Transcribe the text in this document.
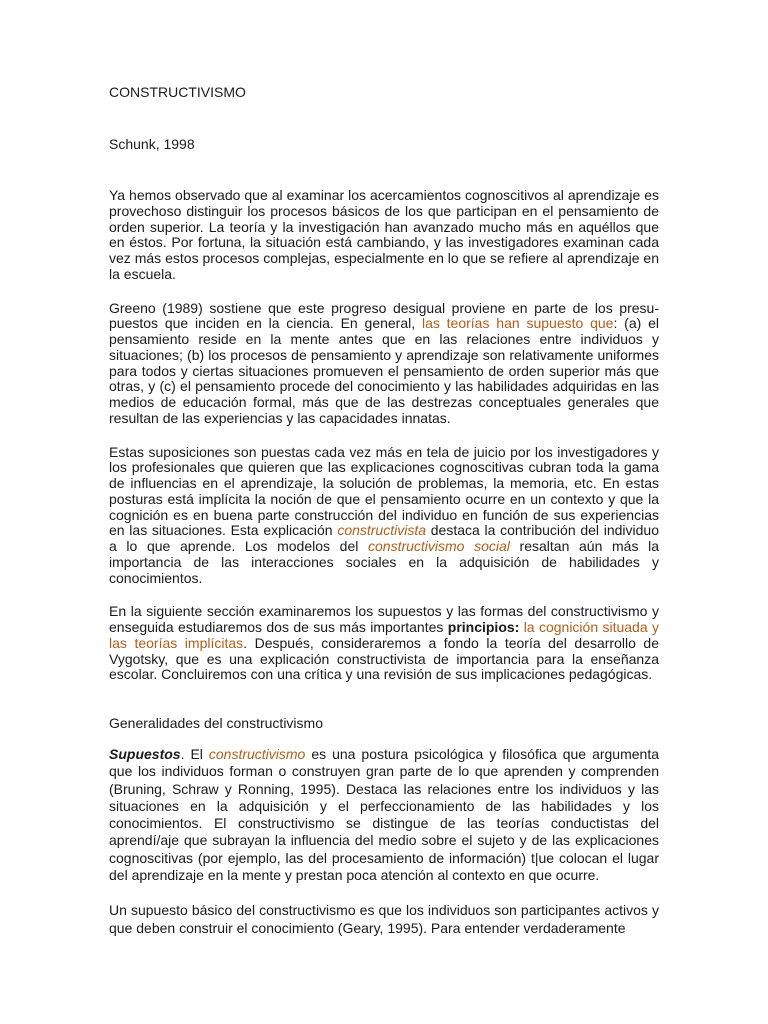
CONSTRUCTIVISMO

Schunk, 1998

Ya hemos observado que al examinar los acercamientos cognoscitivos al aprendizaje es provechoso distinguir los procesos básicos de los que participan en el pensamiento de orden superior. La teoría y la investigación han avanzado mucho más en aquéllos que en éstos. Por fortuna, la situación está cambiando, y las investigadores examinan cada vez más estos procesos complejas, especialmente en lo que se refiere al aprendizaje en la escuela.

Greeno (1989) sostiene que este progreso desigual proviene en parte de los presu-puestos que inciden en la ciencia. En general, las teorías han supuesto que: (a) el pensamiento reside en la mente antes que en las relaciones entre individuos y situaciones; (b) los procesos de pensamiento y aprendizaje son relativamente uniformes para todos y ciertas situaciones promueven el pensamiento de orden superior más que otras, y (c) el pensamiento procede del conocimiento y las habilidades adquiridas en las medios de educación formal, más que de las destrezas conceptuales generales que resultan de las experiencias y las capacidades innatas.

Estas suposiciones son puestas cada vez más en tela de juicio por los investigadores y los profesionales que quieren que las explicaciones cognoscitivas cubran toda la gama de influencias en el aprendizaje, la solución de problemas, la memoria, etc. En estas posturas está implícita la noción de que el pensamiento ocurre en un contexto y que la cognición es en buena parte construcción del individuo en función de sus experiencias en las situaciones. Esta explicación constructivista destaca la contribución del individuo a lo que aprende. Los modelos del constructivismo social resaltan aún más la importancia de las interacciones sociales en la adquisición de habilidades y conocimientos.

En la siguiente sección examinaremos los supuestos y las formas del constructivismo y enseguida estudiaremos dos de sus más importantes principios: la cognición situada y las teorías implícitas. Después, consideraremos a fondo la teoría del desarrollo de Vygotsky, que es una explicación constructivista de importancia para la enseñanza escolar. Concluiremos con una crítica y una revisión de sus implicaciones pedagógicas.

Generalidades del constructivismo

Supuestos. El constructivismo es una postura psicológica y filosófica que argumenta que los individuos forman o construyen gran parte de lo que aprenden y comprenden (Bruning, Schraw y Ronning, 1995). Destaca las relaciones entre los individuos y las situaciones en la adquisición y el perfeccionamiento de las habilidades y los conocimientos. El constructivismo se distingue de las teorías conductistas del aprendí/aje que subrayan la influencia del medio sobre el sujeto y de las explicaciones cognoscitivas (por ejemplo, las del procesamiento de información) t|ue colocan el lugar del aprendizaje en la mente y prestan poca atención al contexto en que ocurre.

Un supuesto básico del constructivismo es que los individuos son participantes activos y que deben construir el conocimiento (Geary, 1995). Para entender verdaderamente
